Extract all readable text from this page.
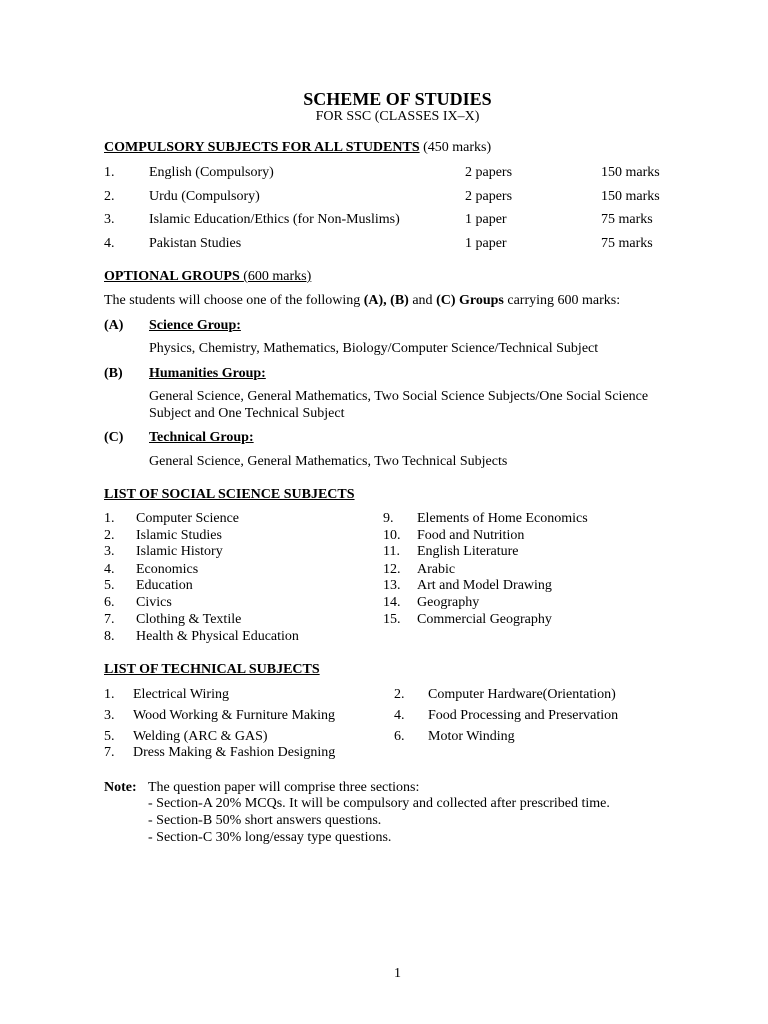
SCHEME OF STUDIES
FOR SSC (CLASSES IX–X)
COMPULSORY SUBJECTS FOR ALL STUDENTS (450 marks)
1. English (Compulsory)	2 papers	150 marks
2. Urdu (Compulsory)	2 papers	150 marks
3. Islamic Education/Ethics (for Non-Muslims)	1 paper	75 marks
4. Pakistan Studies	1 paper	75 marks
OPTIONAL GROUPS (600 marks)
The students will choose one of the following (A), (B) and (C) Groups carrying 600 marks:
(A) Science Group:
Physics, Chemistry, Mathematics, Biology/Computer Science/Technical Subject
(B) Humanities Group:
General Science, General Mathematics, Two Social Science Subjects/One Social Science
Subject and One Technical Subject
(C) Technical Group:
General Science, General Mathematics, Two Technical Subjects
LIST OF SOCIAL SCIENCE SUBJECTS
1. Computer Science
2. Islamic Studies
3. Islamic History
4. Economics
5. Education
6. Civics
7. Clothing & Textile
8. Health & Physical Education
9. Elements of Home Economics
10. Food and Nutrition
11. English Literature
12. Arabic
13. Art and Model Drawing
14. Geography
15. Commercial Geography
LIST OF TECHNICAL SUBJECTS
1. Electrical Wiring
3. Wood Working & Furniture Making
5. Welding (ARC & GAS)
7. Dress Making & Fashion Designing
2. Computer Hardware(Orientation)
4. Food Processing and Preservation
6. Motor Winding
Note: The question paper will comprise three sections:
- Section-A 20% MCQs. It will be compulsory and collected after prescribed time.
- Section-B 50% short answers questions.
- Section-C 30% long/essay type questions.
1
